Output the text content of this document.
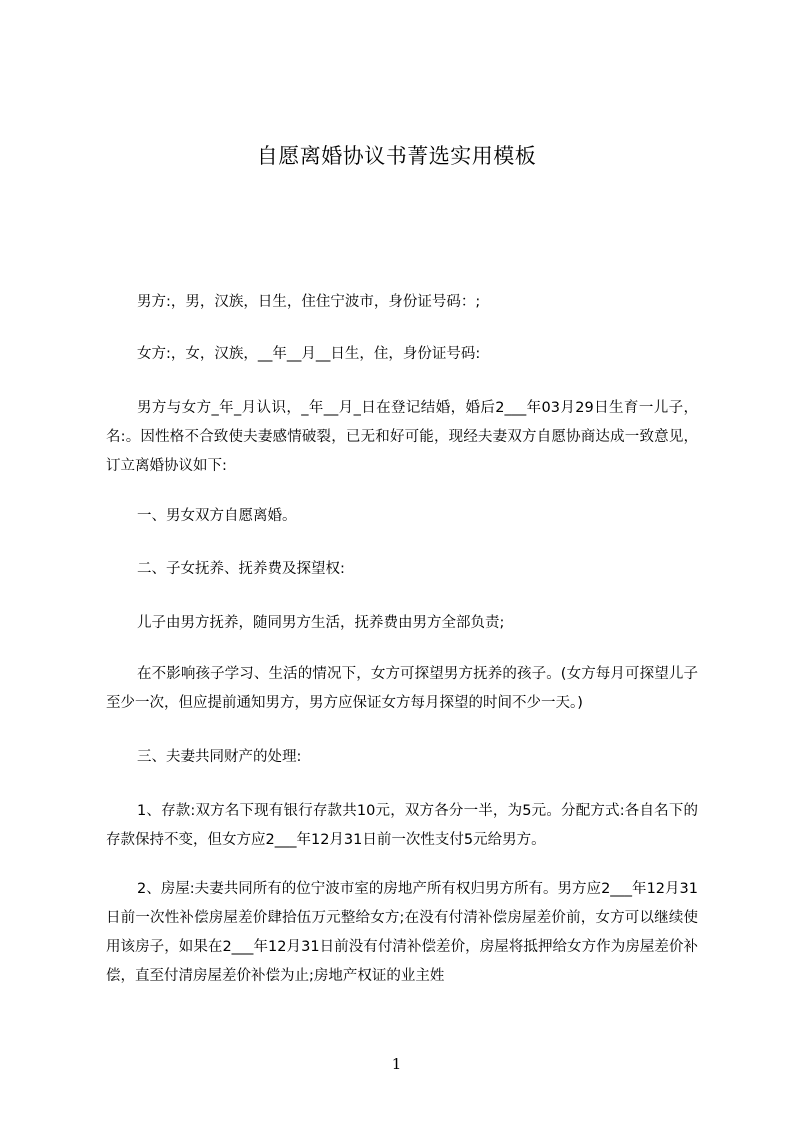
自愿离婚协议书菁选实用模板
男方:，男，汉族，日生，住住宁波市，身份证号码：;
女方:，女，汉族，__年__月__日生，住，身份证号码:
男方与女方_年_月认识，_年__月_日在登记结婚，婚后2___年03月29日生育一儿子，名:。因性格不合致使夫妻感情破裂，已无和好可能，现经夫妻双方自愿协商达成一致意见，订立离婚协议如下:
一、男女双方自愿离婚。
二、子女抚养、抚养费及探望权:
儿子由男方抚养，随同男方生活，抚养费由男方全部负责;
在不影响孩子学习、生活的情况下，女方可探望男方抚养的孩子。(女方每月可探望儿子至少一次，但应提前通知男方，男方应保证女方每月探望的时间不少一天。)
三、夫妻共同财产的处理:
1、存款:双方名下现有银行存款共10元，双方各分一半，为5元。分配方式:各自名下的存款保持不变，但女方应2___年12月31日前一次性支付5元给男方。
2、房屋:夫妻共同所有的位宁波市室的房地产所有权归男方所有。男方应2___年12月31日前一次性补偿房屋差价肆拾伍万元整给女方;在没有付清补偿房屋差价前，女方可以继续使用该房子，如果在2___年12月31日前没有付清补偿差价，房屋将抵押给女方作为房屋差价补偿，直至付清房屋差价补偿为止;房地产权证的业主姓
1
